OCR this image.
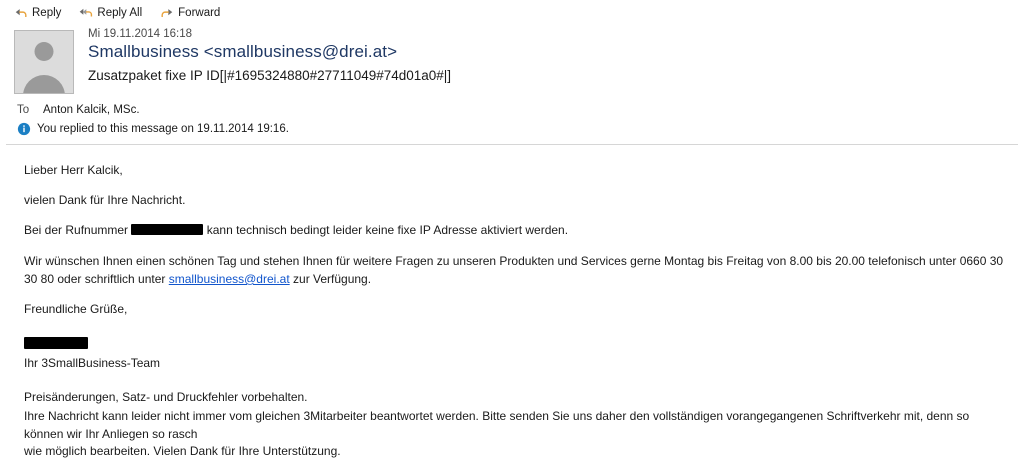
Reply	Reply All	Forward

Mi 19.11.2014 16:18

Smallbusiness <smallbusiness@drei.at>

Zusatzpaket fixe IP ID[|#1695324880#27711049#74d01a0#|]

To Anton Kalcik, MSc.
You replied to this message on 19.11.2014 19:16.

Lieber Herr Kalcik,

vielen Dank für Ihre Nachricht.

Bei der Rufnummer	kann technisch bedingt leider keine fixe IP Adresse aktiviert werden.

Wir wünschen Ihnen einen schönen Tag und stehen Ihnen für weitere Fragen zu unseren Produkten und Services gerne Montag bis Freitag von 8.00 bis 20.00 telefonisch unter 0660 30 30 80 oder schriftlich unter smallbusiness@drei.at zur Verfügung.

Freundliche Grüße,

Ihr 3SmallBusiness-Team

Preisänderungen, Satz- und Druckfehler vorbehalten.

Ihre Nachricht kann leider nicht immer vom gleichen 3Mitarbeiter beantwortet werden. Bitte senden Sie uns daher den vollständigen vorangegangenen Schriftverkehr mit, denn so können wir Ihr Anliegen so rasch

wie möglich bearbeiten. Vielen Dank für Ihre Unterstützung.
